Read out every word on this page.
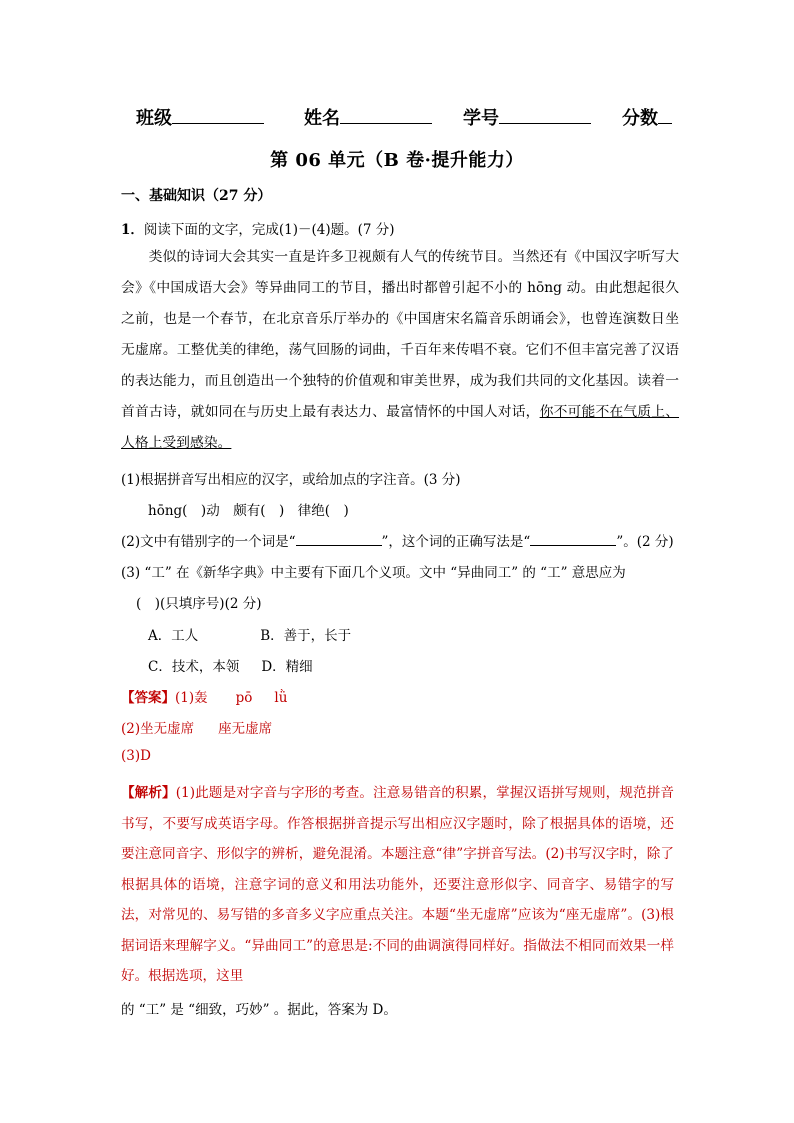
班级	姓名	学号	分数
第 06 单元（B 卷·提升能力）
一、基础知识（27 分）
1．阅读下面的文字，完成(1)－(4)题。(7 分)
类似的诗词大会其实一直是许多卫视颇有人气的传统节目。当然还有《中国汉字听写大会》《中国成语大会》等异曲同工的节目，播出时都曾引起不小的 hōng 动。由此想起很久之前，也是一个春节，在北京音乐厅举办的《中国唐宋名篇音乐朗诵会》，也曾连演数日坐无虚席。工整优美的律绝，荡气回肠的词曲，千百年来传唱不衰。它们不但丰富完善了汉语的表达能力，而且创造出一个独特的价值观和审美世界，成为我们共同的文化基因。读着一首首古诗，就如同在与历史上最有表达力、最富情怀的中国人对话，你不可能不在气质上、人格上受到感染。
(1)根据拼音写出相应的汉字，或给加点的字注音。(3 分)
hōng(　)动　颇有(　)　律绝(　)
(2)文中有错别字的一个词是“	”，这个词的正确写法是“	”。(2 分)
(3) “工” 在《新华字典》中主要有下面几个义项。文中 “异曲同工” 的 “工” 意思应为
(　)(只填序号)(2 分)
A．工人	B．善于，长于
C．技术，本领 D．精细
【答案】(1)轰 pō lǜ
(2)坐无虚席 座无虚席
(3)D
【解析】(1)此题是对字音与字形的考查。注意易错音的积累，掌握汉语拼写规则，规范拼音书写，不要写成英语字母。作答根据拼音提示写出相应汉字题时，除了根据具体的语境，还要注意同音字、形似字的辨析，避免混淆。本题注意“律”字拼音写法。(2)书写汉字时，除了根据具体的语境，注意字词的意义和用法功能外，还要注意形似字、同音字、易错字的写法，对常见的、易写错的多音多义字应重点关注。本题“坐无虚席”应该为“座无虚席”。(3)根据词语来理解字义。“异曲同工”的意思是:不同的曲调演得同样好。指做法不相同而效果一样好。根据选项，这里
的 “工” 是 “细致，巧妙” 。据此，答案为 D。
